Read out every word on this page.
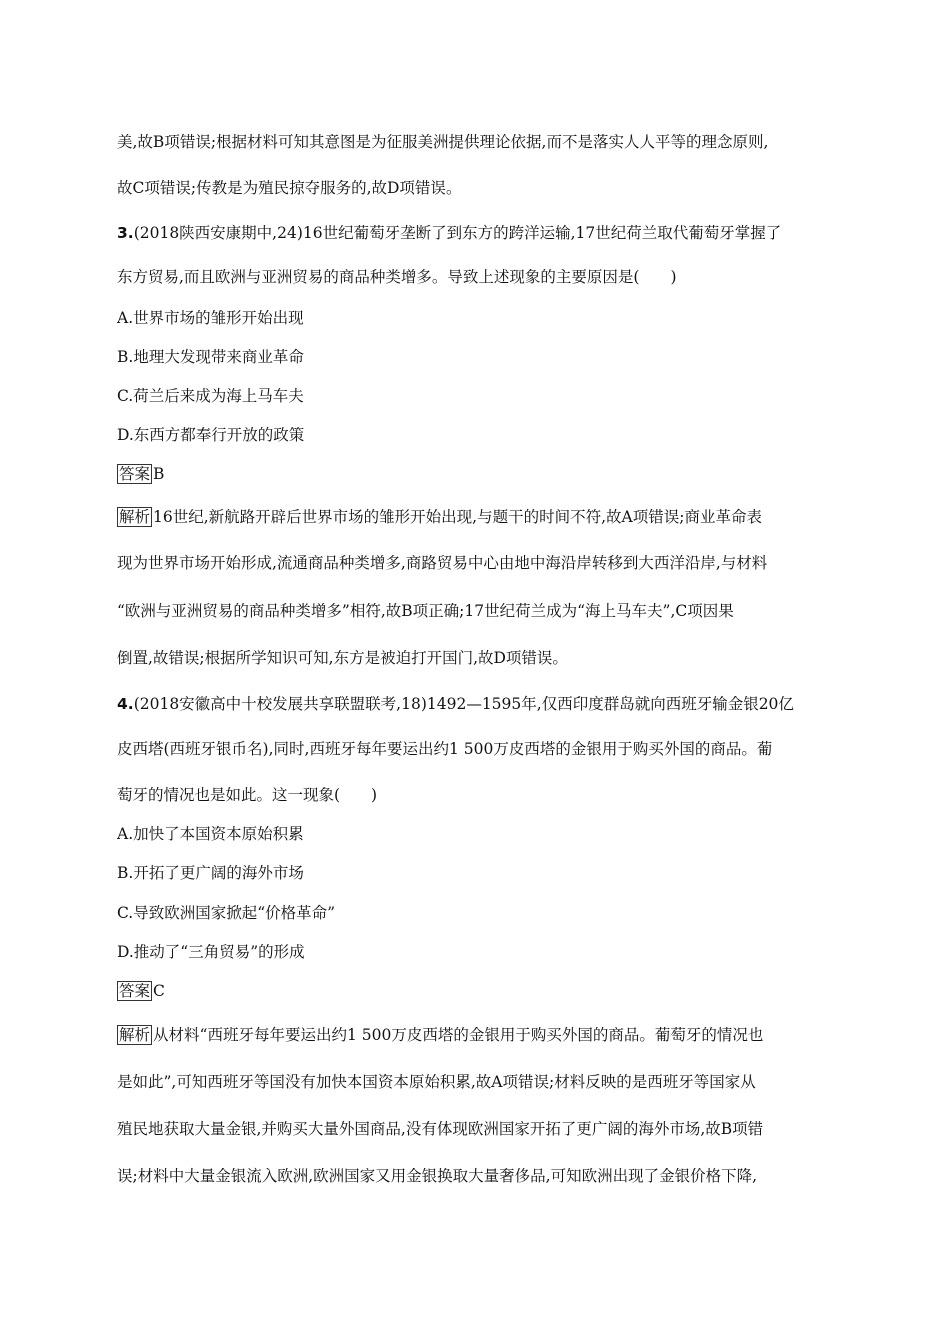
美,故B项错误;根据材料可知其意图是为征服美洲提供理论依据,而不是落实人人平等的理念原则,
故C项错误;传教是为殖民掠夺服务的,故D项错误。
3.(2018陕西安康期中,24)16世纪葡萄牙垄断了到东方的跨洋运输,17世纪荷兰取代葡萄牙掌握了
东方贸易,而且欧洲与亚洲贸易的商品种类增多。导致上述现象的主要原因是(　　)
A.世界市场的雏形开始出现
B.地理大发现带来商业革命
C.荷兰后来成为海上马车夫
D.东西方都奉行开放的政策
答案 B
解析 16世纪,新航路开辟后世界市场的雏形开始出现,与题干的时间不符,故A项错误;商业革命表
现为世界市场开始形成,流通商品种类增多,商路贸易中心由地中海沿岸转移到大西洋沿岸,与材料
“欧洲与亚洲贸易的商品种类增多”相符,故B项正确;17世纪荷兰成为“海上马车夫”,C项因果
倒置,故错误;根据所学知识可知,东方是被迫打开国门,故D项错误。
4.(2018安徽高中十校发展共享联盟联考,18)1492—1595年,仅西印度群岛就向西班牙输金银20亿
皮西塔(西班牙银币名),同时,西班牙每年要运出约1 500万皮西塔的金银用于购买外国的商品。葡
萄牙的情况也是如此。这一现象(　　)
A.加快了本国资本原始积累
B.开拓了更广阔的海外市场
C.导致欧洲国家掀起“价格革命”
D.推动了“三角贸易”的形成
答案 C
解析 从材料“西班牙每年要运出约1 500万皮西塔的金银用于购买外国的商品。葡萄牙的情况也
是如此”,可知西班牙等国没有加快本国资本原始积累,故A项错误;材料反映的是西班牙等国家从
殖民地获取大量金银,并购买大量外国商品,没有体现欧洲国家开拓了更广阔的海外市场,故B项错
误;材料中大量金银流入欧洲,欧洲国家又用金银换取大量奢侈品,可知欧洲出现了金银价格下降,
